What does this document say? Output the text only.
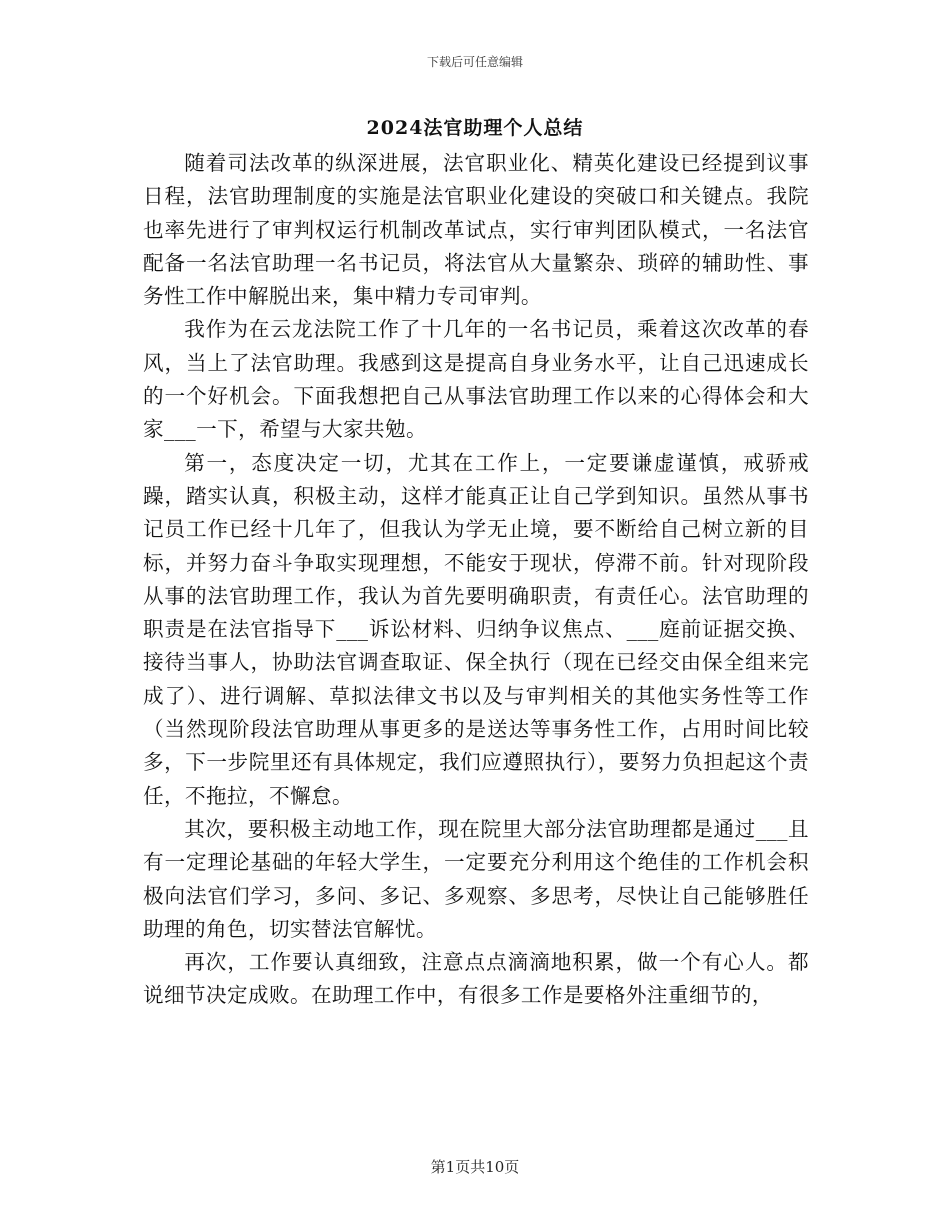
下载后可任意编辑
2024法官助理个人总结

随着司法改革的纵深进展，法官职业化、精英化建设已经提到议事日程，法官助理制度的实施是法官职业化建设的突破口和关键点。我院也率先进行了审判权运行机制改革试点，实行审判团队模式，一名法官配备一名法官助理一名书记员，将法官从大量繁杂、琐碎的辅助性、事务性工作中解脱出来，集中精力专司审判。

我作为在云龙法院工作了十几年的一名书记员，乘着这次改革的春风，当上了法官助理。我感到这是提高自身业务水平，让自己迅速成长的一个好机会。下面我想把自己从事法官助理工作以来的心得体会和大家___一下，希望与大家共勉。

第一，态度决定一切，尤其在工作上，一定要谦虚谨慎，戒骄戒躁，踏实认真，积极主动，这样才能真正让自己学到知识。虽然从事书记员工作已经十几年了，但我认为学无止境，要不断给自己树立新的目标，并努力奋斗争取实现理想，不能安于现状，停滞不前。针对现阶段从事的法官助理工作，我认为首先要明确职责，有责任心。法官助理的职责是在法官指导下___诉讼材料、归纳争议焦点、___庭前证据交换、接待当事人，协助法官调查取证、保全执行（现在已经交由保全组来完成了）、进行调解、草拟法律文书以及与审判相关的其他实务性等工作（当然现阶段法官助理从事更多的是送达等事务性工作，占用时间比较多，下一步院里还有具体规定，我们应遵照执行），要努力负担起这个责任，不拖拉，不懈怠。

其次，要积极主动地工作，现在院里大部分法官助理都是通过___且有一定理论基础的年轻大学生，一定要充分利用这个绝佳的工作机会积极向法官们学习，多问、多记、多观察、多思考，尽快让自己能够胜任助理的角色，切实替法官解忧。

再次，工作要认真细致，注意点点滴滴地积累，做一个有心人。都说细节决定成败。在助理工作中，有很多工作是要格外注重细节的，

第1页共10页
